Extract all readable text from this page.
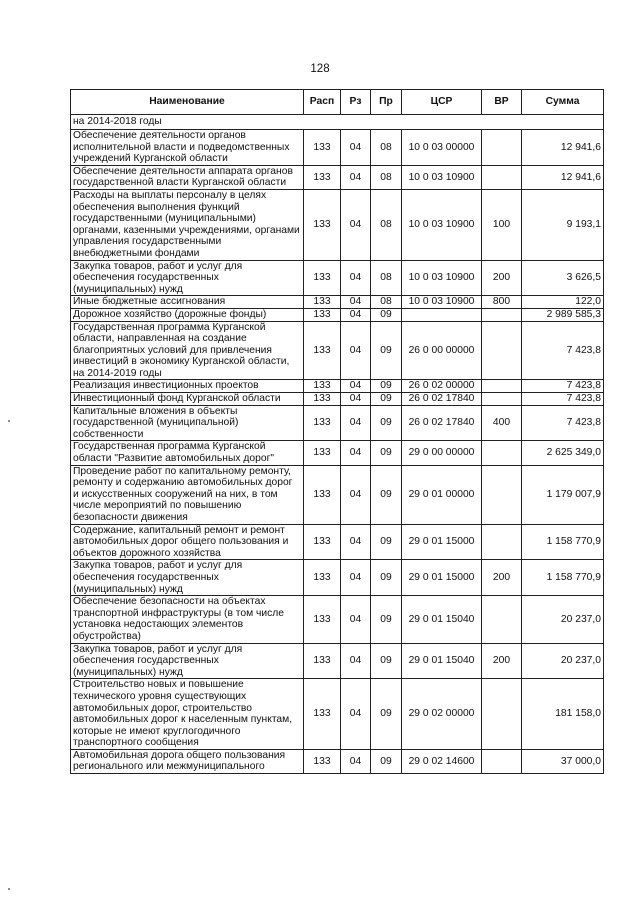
128
Наименование	Расп	Рз	Пр	ЦСР	ВР	Сумма
на 2014-2018 годы						
Обеспечение деятельности органов исполнительной власти и подведомственных учреждений Курганской области	133	04	08	10 0 03 00000		12 941,6
Обеспечение деятельности аппарата органов государственной власти Курганской области	133	04	08	10 0 03 10900		12 941,6
Расходы на выплаты персоналу в целях обеспечения выполнения функций государственными (муниципальными) органами, казенными учреждениями, органами управления государственными внебюджетными фондами	133	04	08	10 0 03 10900	100	9 193,1
Закупка товаров, работ и услуг для обеспечения государственных (муниципальных) нужд	133	04	08	10 0 03 10900	200	3 626,5
Иные бюджетные ассигнования	133	04	08	10 0 03 10900	800	122,0
Дорожное хозяйство (дорожные фонды)	133	04	09			2 989 585,3
Государственная программа Курганской области, направленная на создание благоприятных условий для привлечения инвестиций в экономику Курганской области, на 2014-2019 годы	133	04	09	26 0 00 00000		7 423,8
Реализация инвестиционных проектов	133	04	09	26 0 02 00000		7 423,8
Инвестиционный фонд Курганской области	133	04	09	26 0 02 17840		7 423,8
Капитальные вложения в объекты государственной (муниципальной) собственности	133	04	09	26 0 02 17840	400	7 423,8
Государственная программа Курганской области "Развитие автомобильных дорог"	133	04	09	29 0 00 00000		2 625 349,0
Проведение работ по капитальному ремонту, ремонту и содержанию автомобильных дорог и искусственных сооружений на них, в том числе мероприятий по повышению безопасности движения	133	04	09	29 0 01 00000		1 179 007,9
Содержание, капитальный ремонт и ремонт автомобильных дорог общего пользования и объектов дорожного хозяйства	133	04	09	29 0 01 15000		1 158 770,9
Закупка товаров, работ и услуг для обеспечения государственных (муниципальных) нужд	133	04	09	29 0 01 15000	200	1 158 770,9
Обеспечение безопасности на объектах транспортной инфраструктуры (в том числе установка недостающих элементов обустройства)	133	04	09	29 0 01 15040		20 237,0
Закупка товаров, работ и услуг для обеспечения государственных (муниципальных) нужд	133	04	09	29 0 01 15040	200	20 237,0
Строительство новых и повышение технического уровня существующих автомобильных дорог, строительство автомобильных дорог к населенным пунктам, которые не имеют круглогодичного транспортного сообщения	133	04	09	29 0 02 00000		181 158,0
Автомобильная дорога общего пользования регионального или межмуниципального	133	04	09	29 0 02 14600		37 000,0
